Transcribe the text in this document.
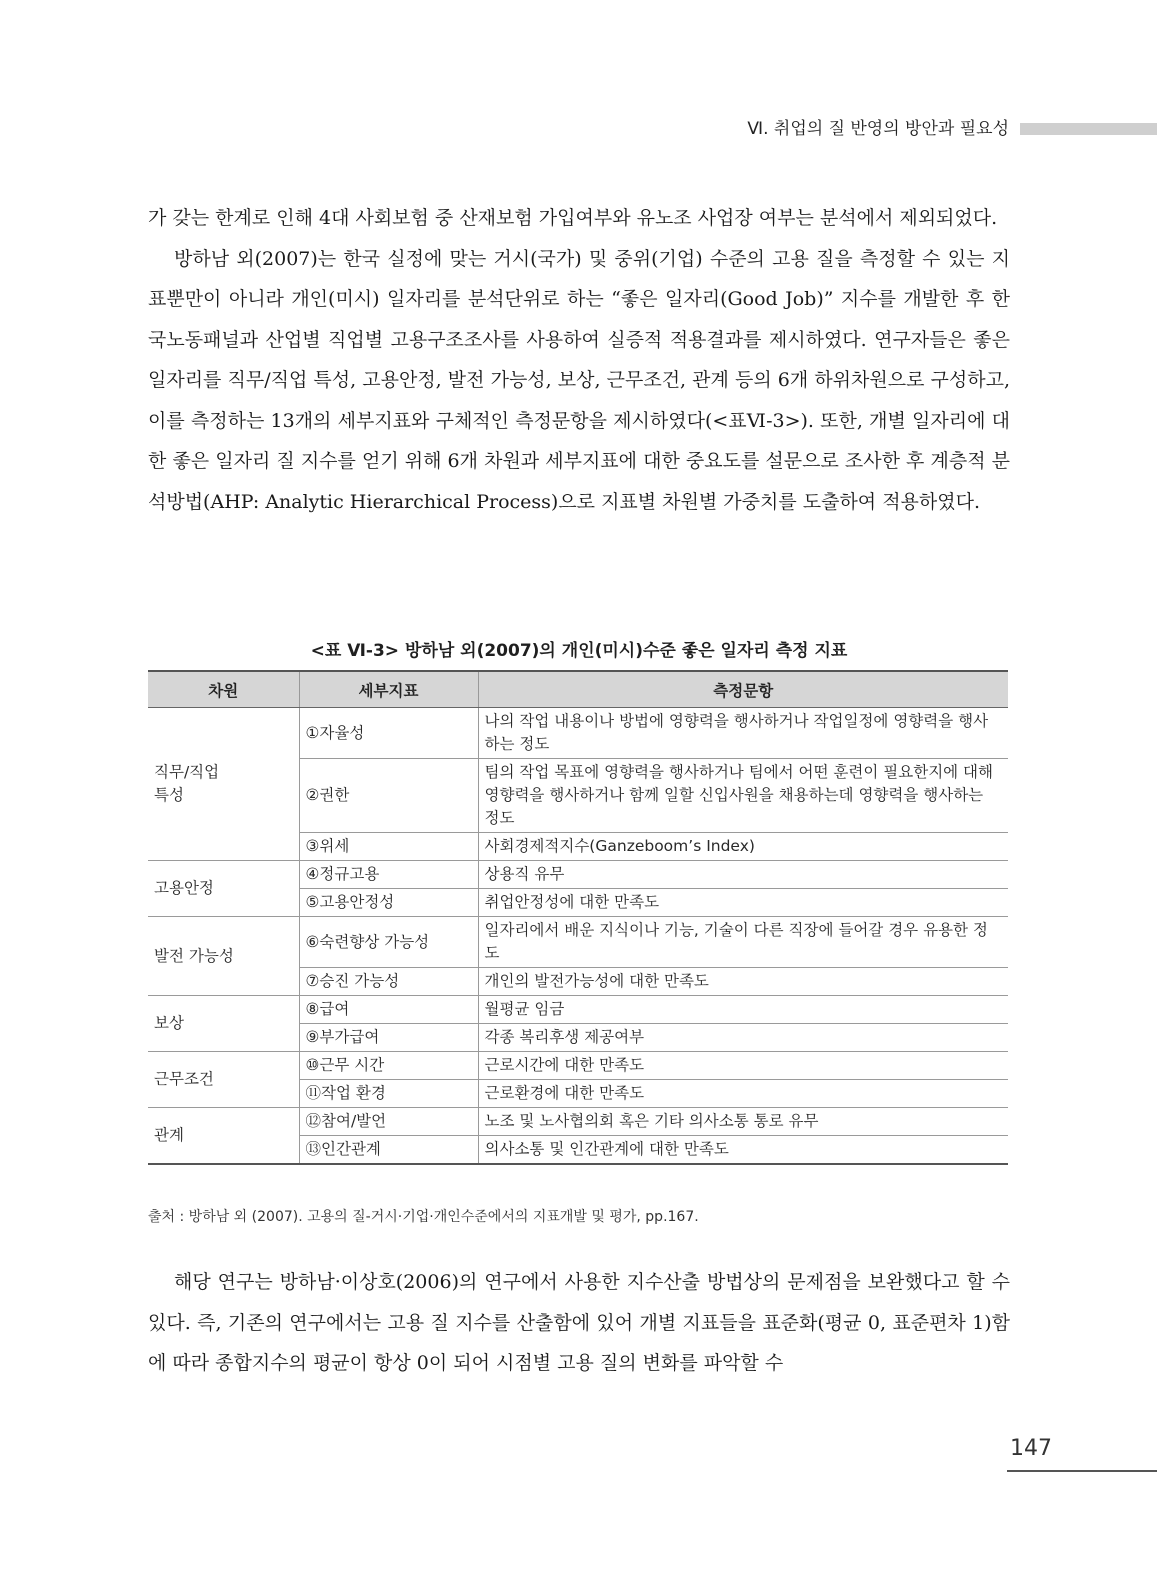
Ⅵ. 취업의 질 반영의 방안과 필요성

가 갖는 한계로 인해 4대 사회보험 중 산재보험 가입여부와 유노조 사업장 여부는 분석에서 제외되었다.

방하남 외(2007)는 한국 실정에 맞는 거시(국가) 및 중위(기업) 수준의 고용 질을 측정할 수 있는 지표뿐만이 아니라 개인(미시) 일자리를 분석단위로 하는 “좋은 일자리(Good Job)” 지수를 개발한 후 한국노동패널과 산업별 직업별 고용구조조사를 사용하여 실증적 적용결과를 제시하였다. 연구자들은 좋은 일자리를 직무/직업 특성, 고용안정, 발전 가능성, 보상, 근무조건, 관계 등의 6개 하위차원으로 구성하고, 이를 측정하는 13개의 세부지표와 구체적인 측정문항을 제시하였다(<표Ⅵ-3>). 또한, 개별 일자리에 대한 좋은 일자리 질 지수를 얻기 위해 6개 차원과 세부지표에 대한 중요도를 설문으로 조사한 후 계층적 분석방법(AHP: Analytic Hierarchical Process)으로 지표별 차원별 가중치를 도출하여 적용하였다.

<표 Ⅵ-3> 방하남 외(2007)의 개인(미시)수준 좋은 일자리 측정 지표
차원	세부지표	측정문항
직무/직업
특성	①자율성	나의 작업 내용이나 방법에 영향력을 행사하거나 작업일정에 영향력을 행사하는 정도
	②권한	팀의 작업 목표에 영향력을 행사하거나 팀에서 어떤 훈련이 필요한지에 대해 영향력을 행사하거나 함께 일할 신입사원을 채용하는데 영향력을 행사하는 정도
	③위세	사회경제적지수(Ganzeboom’s Index)
고용안정	④정규고용	상용직 유무
	⑤고용안정성	취업안정성에 대한 만족도
발전 가능성	⑥숙련향상 가능성	일자리에서 배운 지식이나 기능, 기술이 다른 직장에 들어갈 경우 유용한 정도
	⑦승진 가능성	개인의 발전가능성에 대한 만족도
보상	⑧급여	월평균 임금
	⑨부가급여	각종 복리후생 제공여부
근무조건	⑩근무 시간	근로시간에 대한 만족도
	⑪작업 환경	근로환경에 대한 만족도
관계	⑫참여/발언	노조 및 노사협의회 혹은 기타 의사소통 통로 유무
	⑬인간관계	의사소통 및 인간관계에 대한 만족도
출처 : 방하남 외 (2007). 고용의 질-거시·기업·개인수준에서의 지표개발 및 평가, pp.167.

해당 연구는 방하남·이상호(2006)의 연구에서 사용한 지수산출 방법상의 문제점을 보완했다고 할 수 있다. 즉, 기존의 연구에서는 고용 질 지수를 산출함에 있어 개별 지표들을 표준화(평균 0, 표준편차 1)함에 따라 종합지수의 평균이 항상 0이 되어 시점별 고용 질의 변화를 파악할 수

147
